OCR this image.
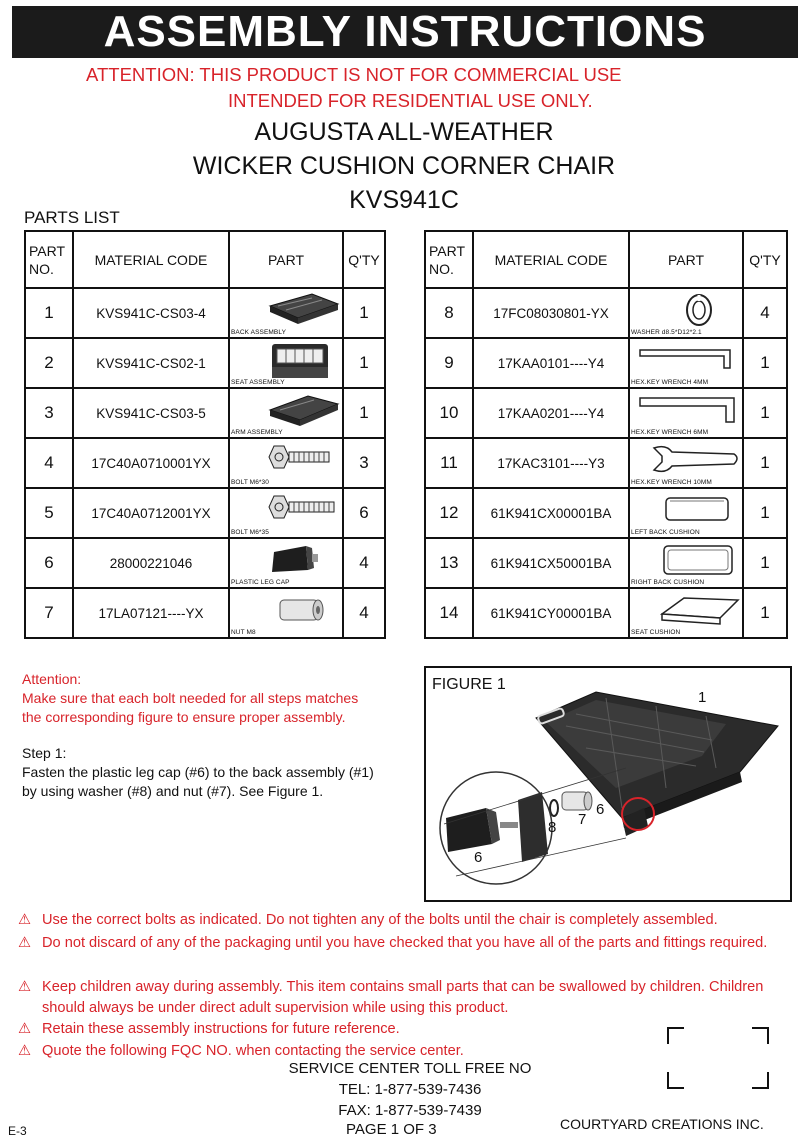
ASSEMBLY INSTRUCTIONS
ATTENTION: THIS PRODUCT IS NOT FOR COMMERCIAL USE
INTENDED FOR RESIDENTIAL USE ONLY.
AUGUSTA ALL-WEATHER
WICKER CUSHION CORNER CHAIR
KVS941C
PARTS LIST
PART
NO.	MATERIAL CODE	PART	Q'TY
1	KVS941C-CS03-4	BACK ASSEMBLY	1
2	KVS941C-CS02-1	SEAT ASSEMBLY	1
3	KVS941C-CS03-5	ARM ASSEMBLY	1
4	17C40A0710001YX	BOLT M6*30	3
5	17C40A0712001YX	BOLT M6*35	6
6	28000221046	PLASTIC LEG CAP	4
7	17LA07121----YX	NUT M8	4
PART
NO.	MATERIAL CODE	PART	Q'TY
8	17FC08030801-YX	WASHER d8.5*D12*2.1	4
9	17KAA0101----Y4	HEX.KEY WRENCH 4MM	1
10	17KAA0201----Y4	HEX.KEY WRENCH 6MM	1
11	17KAC3101----Y3	HEX.KEY WRENCH 10MM	1
12	61K941CX00001BA	LEFT BACK CUSHION	1
13	61K941CX50001BA	RIGHT BACK CUSHION	1
14	61K941CY00001BA	SEAT CUSHION	1
Attention:
Make sure that each bolt needed for all steps matches
the corresponding figure to ensure proper assembly.
Step 1:
Fasten the plastic leg cap (#6) to the back assembly (#1)
by using washer (#8) and nut (#7). See Figure 1.
FIGURE 1
1
6
7
8
6
⚠ Use the correct bolts as indicated. Do not tighten any of the bolts until the chair is completely assembled.
⚠ Do not discard of any of the packaging until you have checked that you have all of the parts and fittings required.
⚠ Keep children away during assembly. This item contains small parts that can be swallowed by children. Children should always be under direct adult supervision while using this product.
⚠ Retain these assembly instructions for future reference.
⚠ Quote the following FQC NO. when contacting the service center.
SERVICE CENTER TOLL FREE NO
TEL: 1-877-539-7436
FAX: 1-877-539-7439
COURTYARD CREATIONS INC.
PAGE 1 OF 3
E-3
